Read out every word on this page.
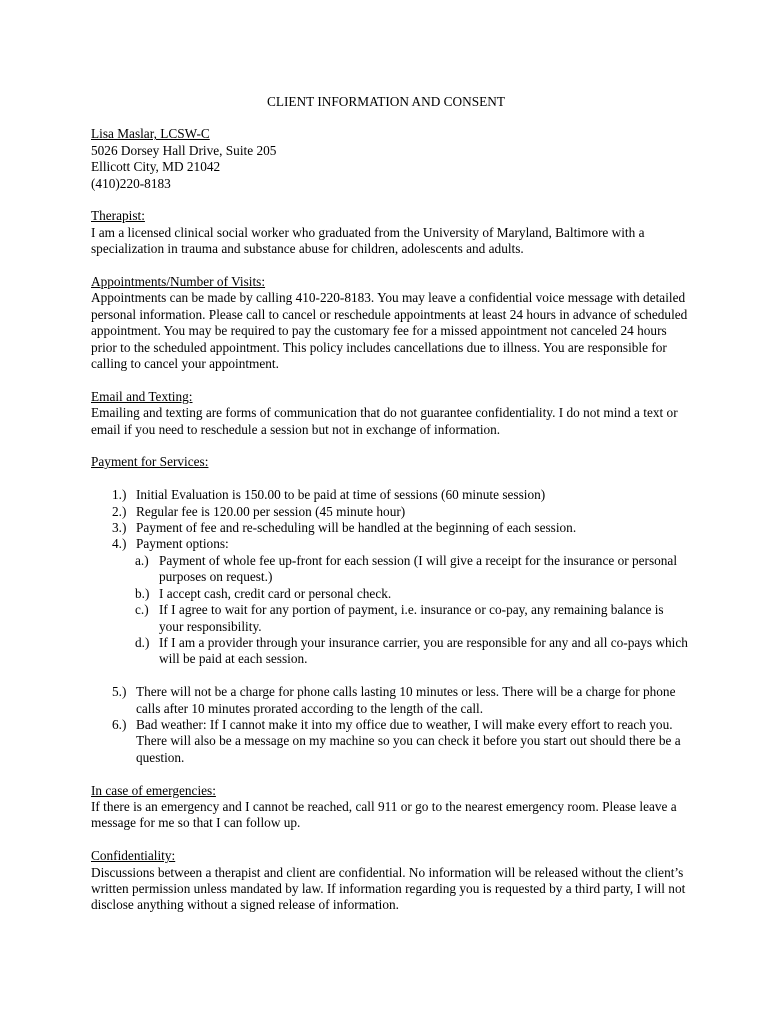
CLIENT INFORMATION AND CONSENT
Lisa Maslar, LCSW-C
5026 Dorsey Hall Drive, Suite 205
Ellicott City, MD 21042
(410)220-8183
Therapist:

I am a licensed clinical social worker who graduated from the University of Maryland, Baltimore with a specialization in trauma and substance abuse for children, adolescents and adults.

Appointments/Number of Visits:

Appointments can be made by calling 410-220-8183. You may leave a confidential voice message with detailed personal information. Please call to cancel or reschedule appointments at least 24 hours in advance of scheduled appointment. You may be required to pay the customary fee for a missed appointment not canceled 24 hours prior to the scheduled appointment. This policy includes cancellations due to illness. You are responsible for calling to cancel your appointment.

Email and Texting:

Emailing and texting are forms of communication that do not guarantee confidentiality. I do not mind a text or email if you need to reschedule a session but not in exchange of information.

Payment for Services:
1.) Initial Evaluation is 150.00 to be paid at time of sessions (60 minute session)
2.) Regular fee is 120.00 per session (45 minute hour)
3.) Payment of fee and re-scheduling will be handled at the beginning of each session.
4.) Payment options:
a.) Payment of whole fee up-front for each session (I will give a receipt for the insurance or personal purposes on request.)
b.) I accept cash, credit card or personal check.
c.) If I agree to wait for any portion of payment, i.e. insurance or co-pay, any remaining balance is your responsibility.
d.) If I am a provider through your insurance carrier, you are responsible for any and all co-pays which will be paid at each session.
5.) There will not be a charge for phone calls lasting 10 minutes or less. There will be a charge for phone calls after 10 minutes prorated according to the length of the call.
6.) Bad weather: If I cannot make it into my office due to weather, I will make every effort to reach you. There will also be a message on my machine so you can check it before you start out should there be a question.
In case of emergencies:

If there is an emergency and I cannot be reached, call 911 or go to the nearest emergency room. Please leave a message for me so that I can follow up.

Confidentiality:

Discussions between a therapist and client are confidential. No information will be released without the client’s written permission unless mandated by law. If information regarding you is requested by a third party, I will not disclose anything without a signed release of information.
